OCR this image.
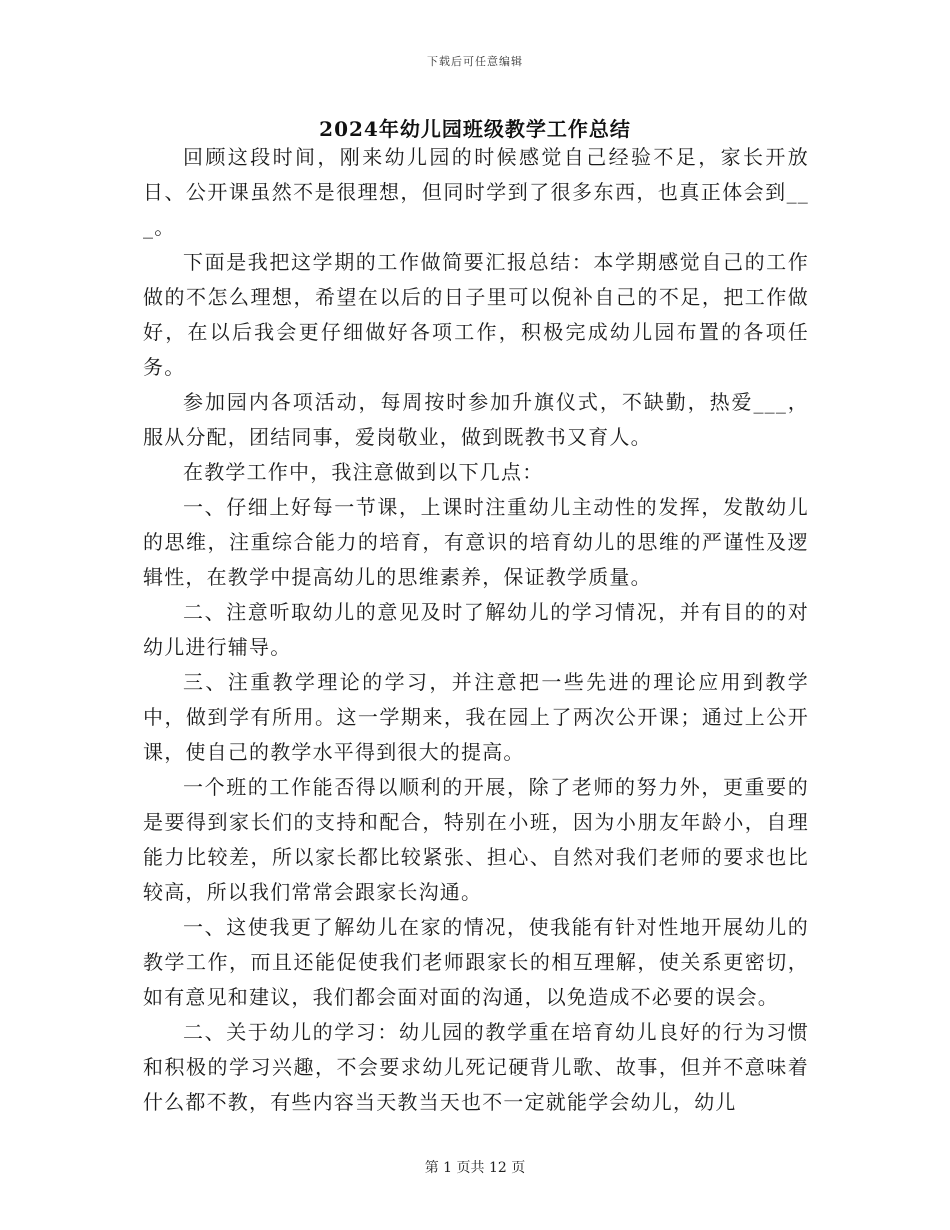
下载后可任意编辑
2024年幼儿园班级教学工作总结

回顾这段时间，刚来幼儿园的时候感觉自己经验不足，家长开放日、公开课虽然不是很理想，但同时学到了很多东西，也真正体会到___。

下面是我把这学期的工作做简要汇报总结：本学期感觉自己的工作做的不怎么理想，希望在以后的日子里可以倪补自己的不足，把工作做好，在以后我会更仔细做好各项工作，积极完成幼儿园布置的各项任务。

参加园内各项活动，每周按时参加升旗仪式，不缺勤，热爱___，服从分配，团结同事，爱岗敬业，做到既教书又育人。

在教学工作中，我注意做到以下几点：

一、仔细上好每一节课，上课时注重幼儿主动性的发挥，发散幼儿的思维，注重综合能力的培育，有意识的培育幼儿的思维的严谨性及逻辑性，在教学中提高幼儿的思维素养，保证教学质量。

二、注意听取幼儿的意见及时了解幼儿的学习情况，并有目的的对幼儿进行辅导。

三、注重教学理论的学习，并注意把一些先进的理论应用到教学中，做到学有所用。这一学期来，我在园上了两次公开课；通过上公开课，使自己的教学水平得到很大的提高。

一个班的工作能否得以顺利的开展，除了老师的努力外，更重要的是要得到家长们的支持和配合，特别在小班，因为小朋友年龄小，自理能力比较差，所以家长都比较紧张、担心、自然对我们老师的要求也比较高，所以我们常常会跟家长沟通。

一、这使我更了解幼儿在家的情况，使我能有针对性地开展幼儿的教学工作，而且还能促使我们老师跟家长的相互理解，使关系更密切，如有意见和建议，我们都会面对面的沟通，以免造成不必要的误会。

二、关于幼儿的学习：幼儿园的教学重在培育幼儿良好的行为习惯和积极的学习兴趣，不会要求幼儿死记硬背儿歌、故事，但并不意味着什么都不教，有些内容当天教当天也不一定就能学会幼儿，幼儿

第 1 页共 12 页
